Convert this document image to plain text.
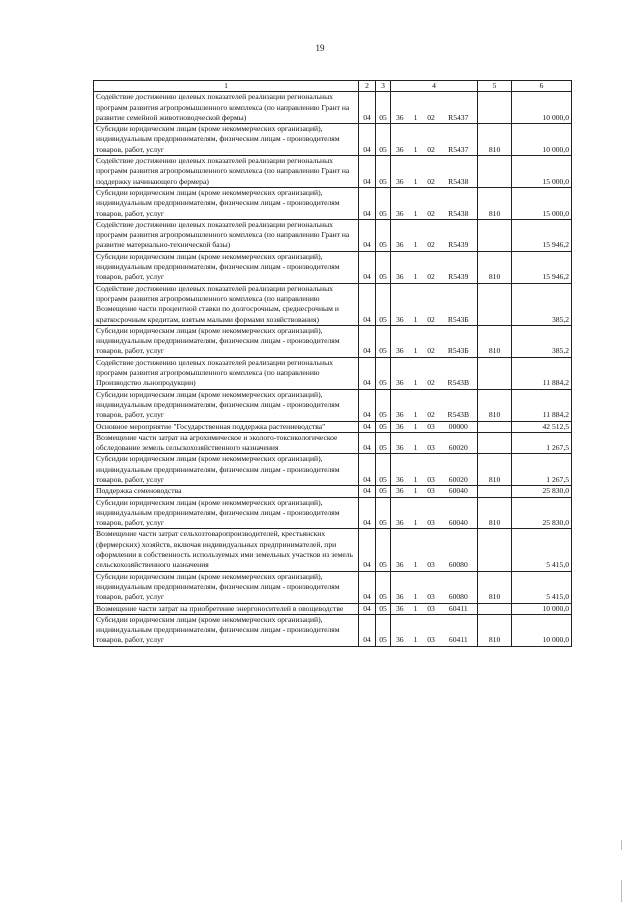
19
1	2	3	4				5	6
Содействие достижению целевых показателей реализации региональных программ развития агропромышленного комплекса (по направлению Грант на развитие семейной животноводческой фермы)	04	05	36	1	02	R5437		10 000,0
Субсидии юридическим лицам (кроме некоммерческих организаций), индивидуальным предпринимателям, физическим лицам - производителям товаров, работ, услуг	04	05	36	1	02	R5437	810	10 000,0
Содействие достижению целевых показателей реализации региональных программ развития агропромышленного комплекса (по направлению Грант на поддержку начинающего фермера)	04	05	36	1	02	R5438		15 000,0
Субсидии юридическим лицам (кроме некоммерческих организаций), индивидуальным предпринимателям, физическим лицам - производителям товаров, работ, услуг	04	05	36	1	02	R5438	810	15 000,0
Содействие достижению целевых показателей реализации региональных программ развития агропромышленного комплекса (по направлению Грант на развитие материально-технической базы)	04	05	36	1	02	R5439		15 946,2
Субсидии юридическим лицам (кроме некоммерческих организаций), индивидуальным предпринимателям, физическим лицам - производителям товаров, работ, услуг	04	05	36	1	02	R5439	810	15 946,2
Содействие достижению целевых показателей реализации региональных программ развития агропромышленного комплекса (по направлению Возмещение части процентной ставки по долгосрочным, среднесрочным и краткосрочным кредитам, взятым малыми формами хозяйствования)	04	05	36	1	02	R543Б		385,2
Субсидии юридическим лицам (кроме некоммерческих организаций), индивидуальным предпринимателям, физическим лицам - производителям товаров, работ, услуг	04	05	36	1	02	R543Б	810	385,2
Содействие достижению целевых показателей реализации региональных программ развития агропромышленного комплекса (по направлению Производство льнопродукции)	04	05	36	1	02	R543В		11 884,2
Субсидии юридическим лицам (кроме некоммерческих организаций), индивидуальным предпринимателям, физическим лицам - производителям товаров, работ, услуг	04	05	36	1	02	R543В	810	11 884,2
Основное мероприятие "Государственная поддержка растениеводства"	04	05	36	1	03	00000		42 512,5
Возмещение части затрат на агрохимическое и эколого-токсикологическое обследование земель сельскохозяйственного назначения	04	05	36	1	03	60020		1 267,5
Субсидии юридическим лицам (кроме некоммерческих организаций), индивидуальным предпринимателям, физическим лицам - производителям товаров, работ, услуг	04	05	36	1	03	60020	810	1 267,5
Поддержка семеноводства	04	05	36	1	03	60040		25 830,0
Субсидии юридическим лицам (кроме некоммерческих организаций), индивидуальным предпринимателям, физическим лицам - производителям товаров, работ, услуг	04	05	36	1	03	60040	810	25 830,0
Возмещение части затрат сельхозтоваропроизводителей, крестьянских (фермерских) хозяйств, включая индивидуальных предпринимателей, при оформлении в собственность используемых ими земельных участков из земель сельскохозяйственного назначения	04	05	36	1	03	60080		5 415,0
Субсидии юридическим лицам (кроме некоммерческих организаций), индивидуальным предпринимателям, физическим лицам - производителям товаров, работ, услуг	04	05	36	1	03	60080	810	5 415,0
Возмещение части затрат на приобретение энергоносителей в овощеводстве	04	05	36	1	03	60411		10 000,0
Субсидии юридическим лицам (кроме некоммерческих организаций), индивидуальным предпринимателям, физическим лицам - производителям товаров, работ, услуг	04	05	36	1	03	60411	810	10 000,0
